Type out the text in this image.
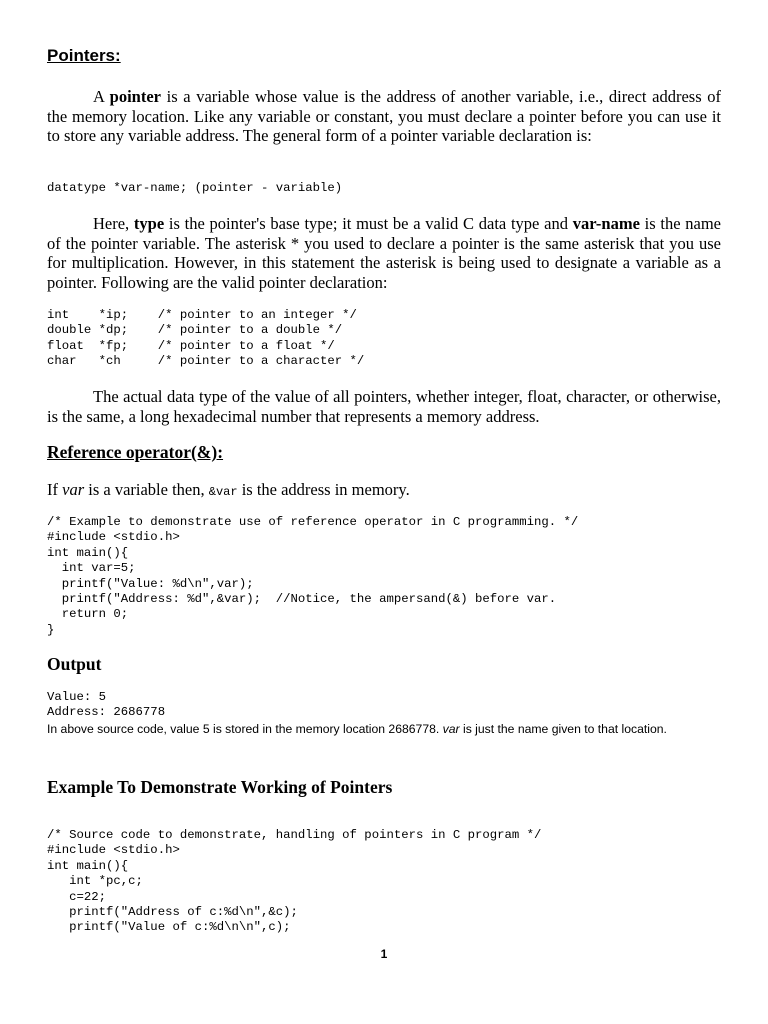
Pointers:

A pointer is a variable whose value is the address of another variable, i.e., direct address of the memory location. Like any variable or constant, you must declare a pointer before you can use it to store any variable address. The general form of a pointer variable declaration is:

datatype *var-name; (pointer - variable)

Here, type is the pointer's base type; it must be a valid C data type and var-name is the name of the pointer variable. The asterisk * you used to declare a pointer is the same asterisk that you use for multiplication. However, in this statement the asterisk is being used to designate a variable as a pointer. Following are the valid pointer declaration:

int    *ip;    /* pointer to an integer */
double *dp;    /* pointer to a double */
float  *fp;    /* pointer to a float */
char   *ch     /* pointer to a character */

The actual data type of the value of all pointers, whether integer, float, character, or otherwise, is the same, a long hexadecimal number that represents a memory address.

Reference operator(&):

If var is a variable then, &var is the address in memory.

/* Example to demonstrate use of reference operator in C programming. */
#include <stdio.h>
int main(){
int var=5;
printf("Value: %d\n",var);
printf("Address: %d",&var);  //Notice, the ampersand(&) before var.
return 0;
}
Output
Value: 5
Address: 2686778

In above source code, value 5 is stored in the memory location 2686778. var is just the name given to that location.

Example To Demonstrate Working of Pointers
/* Source code to demonstrate, handling of pointers in C program */
#include <stdio.h>
int main(){
int *pc,c;
c=22;
printf("Address of c:%d\n",&c);
printf("Value of c:%d\n\n",c);
1
